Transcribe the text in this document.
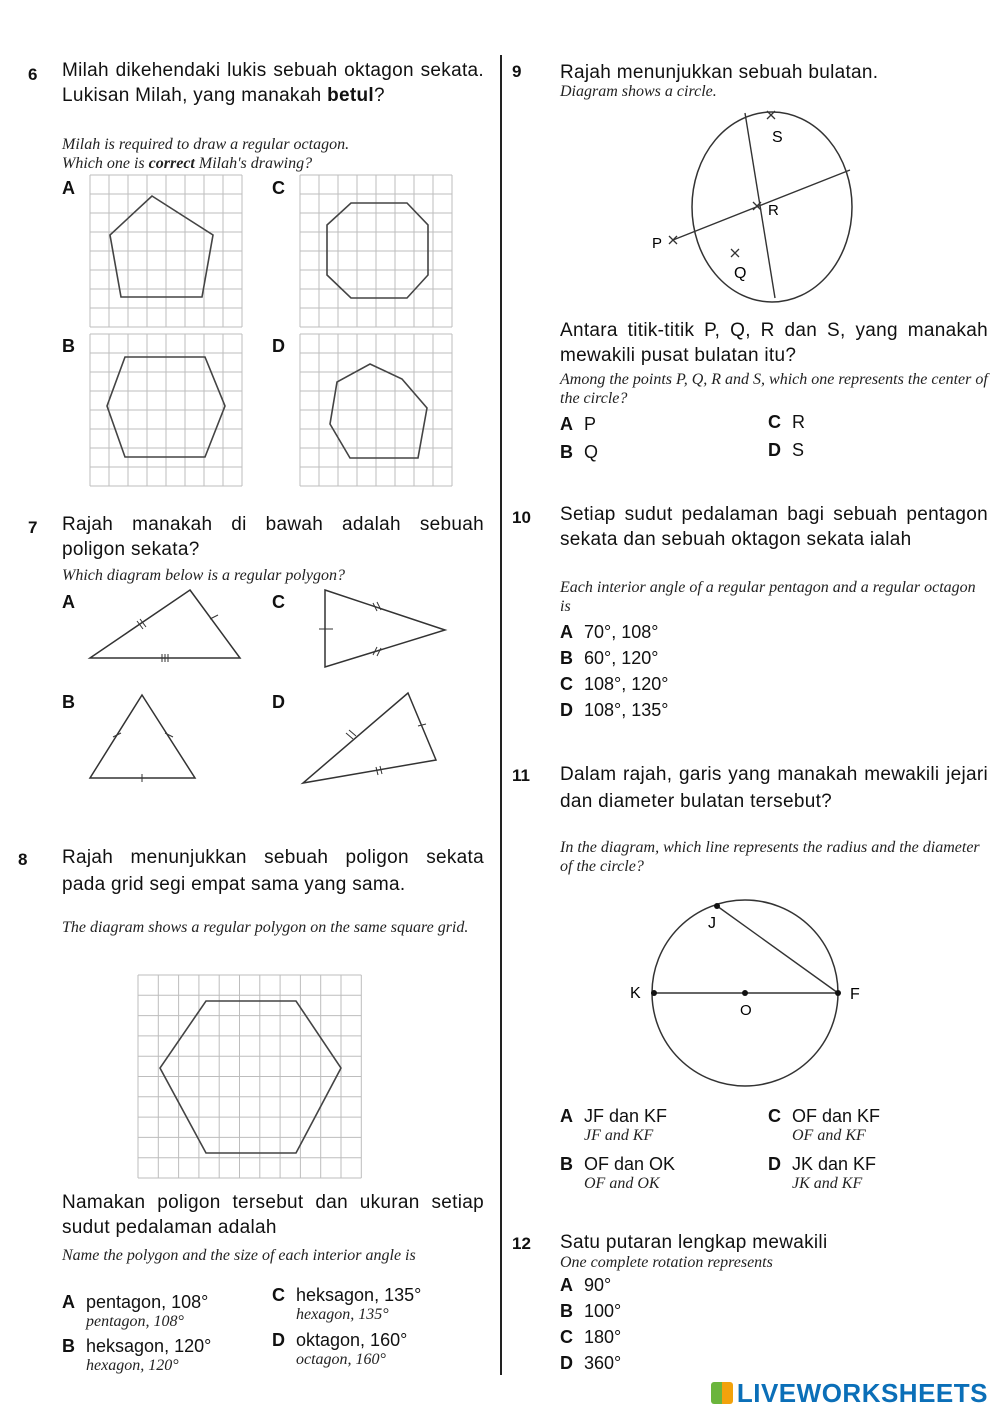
6 Milah dikehendaki lukis sebuah oktagon sekata. Lukisan Milah, yang manakah betul?
Milah is required to draw a regular octagon.
Which one is correct Milah's drawing?
A	C
B	D
7 Rajah manakah di bawah adalah sebuah poligon sekata?
Which diagram below is a regular polygon?
A	C
B	D
8 Rajah menunjukkan sebuah poligon sekata pada grid segi empat sama yang sama.
The diagram shows a regular polygon on the same square grid.
Namakan poligon tersebut dan ukuran setiap sudut pedalaman adalah
Name the polygon and the size of each interior angle is
A pentagon, 108°
pentagon, 108°
B heksagon, 120°
hexagon, 120°
C heksagon, 135°
hexagon, 135°
D oktagon, 160°
octagon, 160°
9 Rajah menunjukkan sebuah bulatan.
Diagram shows a circle.
S
R
P
Q
Antara titik-titik P, Q, R dan S, yang manakah mewakili pusat bulatan itu?
Among the points P, Q, R and S, which one represents the center of the circle?
A P
B Q
C R
D S
10 Setiap sudut pedalaman bagi sebuah pentagon sekata dan sebuah oktagon sekata ialah
Each interior angle of a regular pentagon and a regular octagon is
A 70°, 108°
B 60°, 120°
C 108°, 120°
D 108°, 135°
11 Dalam rajah, garis yang manakah mewakili jejari dan diameter bulatan tersebut?
In the diagram, which line represents the radius and the diameter of the circle?
J
K	F
O
A JF dan KF
JF and KF
B OF dan OK
OF and OK
C OF dan KF
OF and KF
D JK dan KF
JK and KF
12 Satu putaran lengkap mewakili
One complete rotation represents
A 90°
B 100°
C 180°
D 360°
LIVEWORKSHEETS
